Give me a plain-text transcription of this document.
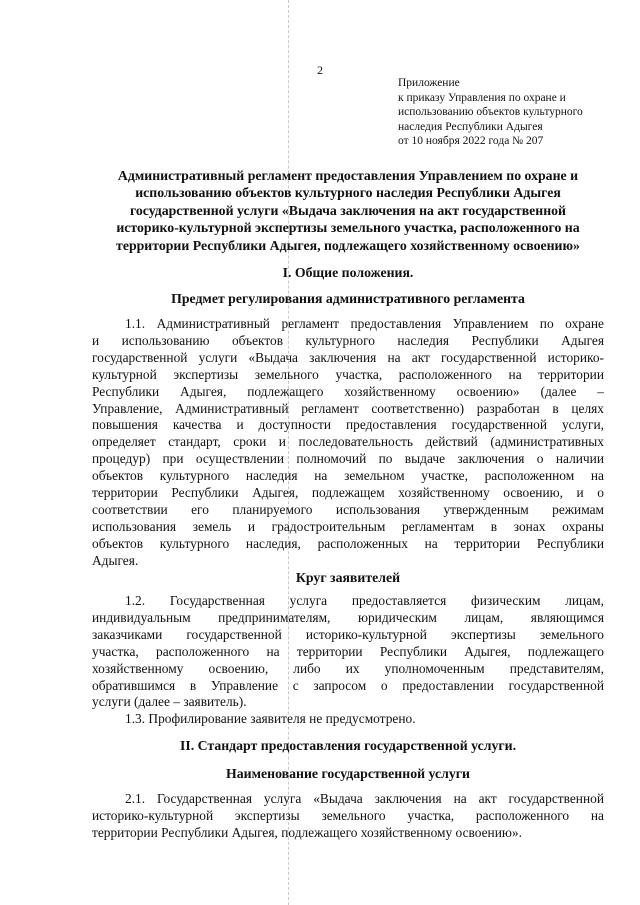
2
Приложение
к приказу Управления по охране и
использованию объектов культурного
наследия Республики Адыгея
от 10 ноября 2022 года № 207
Административный регламент предоставления Управлением по охране и
использованию объектов культурного наследия Республики Адыгея
государственной услуги «Выдача заключения на акт государственной
историко-культурной экспертизы земельного участка, расположенного на
территории Республики Адыгея, подлежащего хозяйственному освоению»
I. Общие положения.
Предмет регулирования административного регламента
1.1. Административный регламент предоставления Управлением по охране
и использованию объектов культурного наследия Республики Адыгея
государственной услуги «Выдача заключения на акт государственной историко-
культурной экспертизы земельного участка, расположенного на территории
Республики Адыгея, подлежащего хозяйственному освоению» (далее –
Управление, Административный регламент соответственно) разработан в целях
повышения качества и доступности предоставления государственной услуги,
определяет стандарт, сроки и последовательность действий (административных
процедур) при осуществлении полномочий по выдаче заключения о наличии
объектов культурного наследия на земельном участке, расположенном на
территории Республики Адыгея, подлежащем хозяйственному освоению, и о
соответствии его планируемого использования утвержденным режимам
использования земель и градостроительным регламентам в зонах охраны
объектов культурного наследия, расположенных на территории Республики
Адыгея.
Круг заявителей
1.2. Государственная услуга предоставляется физическим лицам,
индивидуальным предпринимателям, юридическим лицам, являющимся
заказчиками государственной историко-культурной экспертизы земельного
участка, расположенного на территории Республики Адыгея, подлежащего
хозяйственному освоению, либо их уполномоченным представителям,
обратившимся в Управление с запросом о предоставлении государственной
услуги (далее – заявитель).
1.3. Профилирование заявителя не предусмотрено.
II. Стандарт предоставления государственной услуги.
Наименование государственной услуги
2.1. Государственная услуга «Выдача заключения на акт государственной
историко-культурной экспертизы земельного участка, расположенного на
территории Республики Адыгея, подлежащего хозяйственному освоению».
